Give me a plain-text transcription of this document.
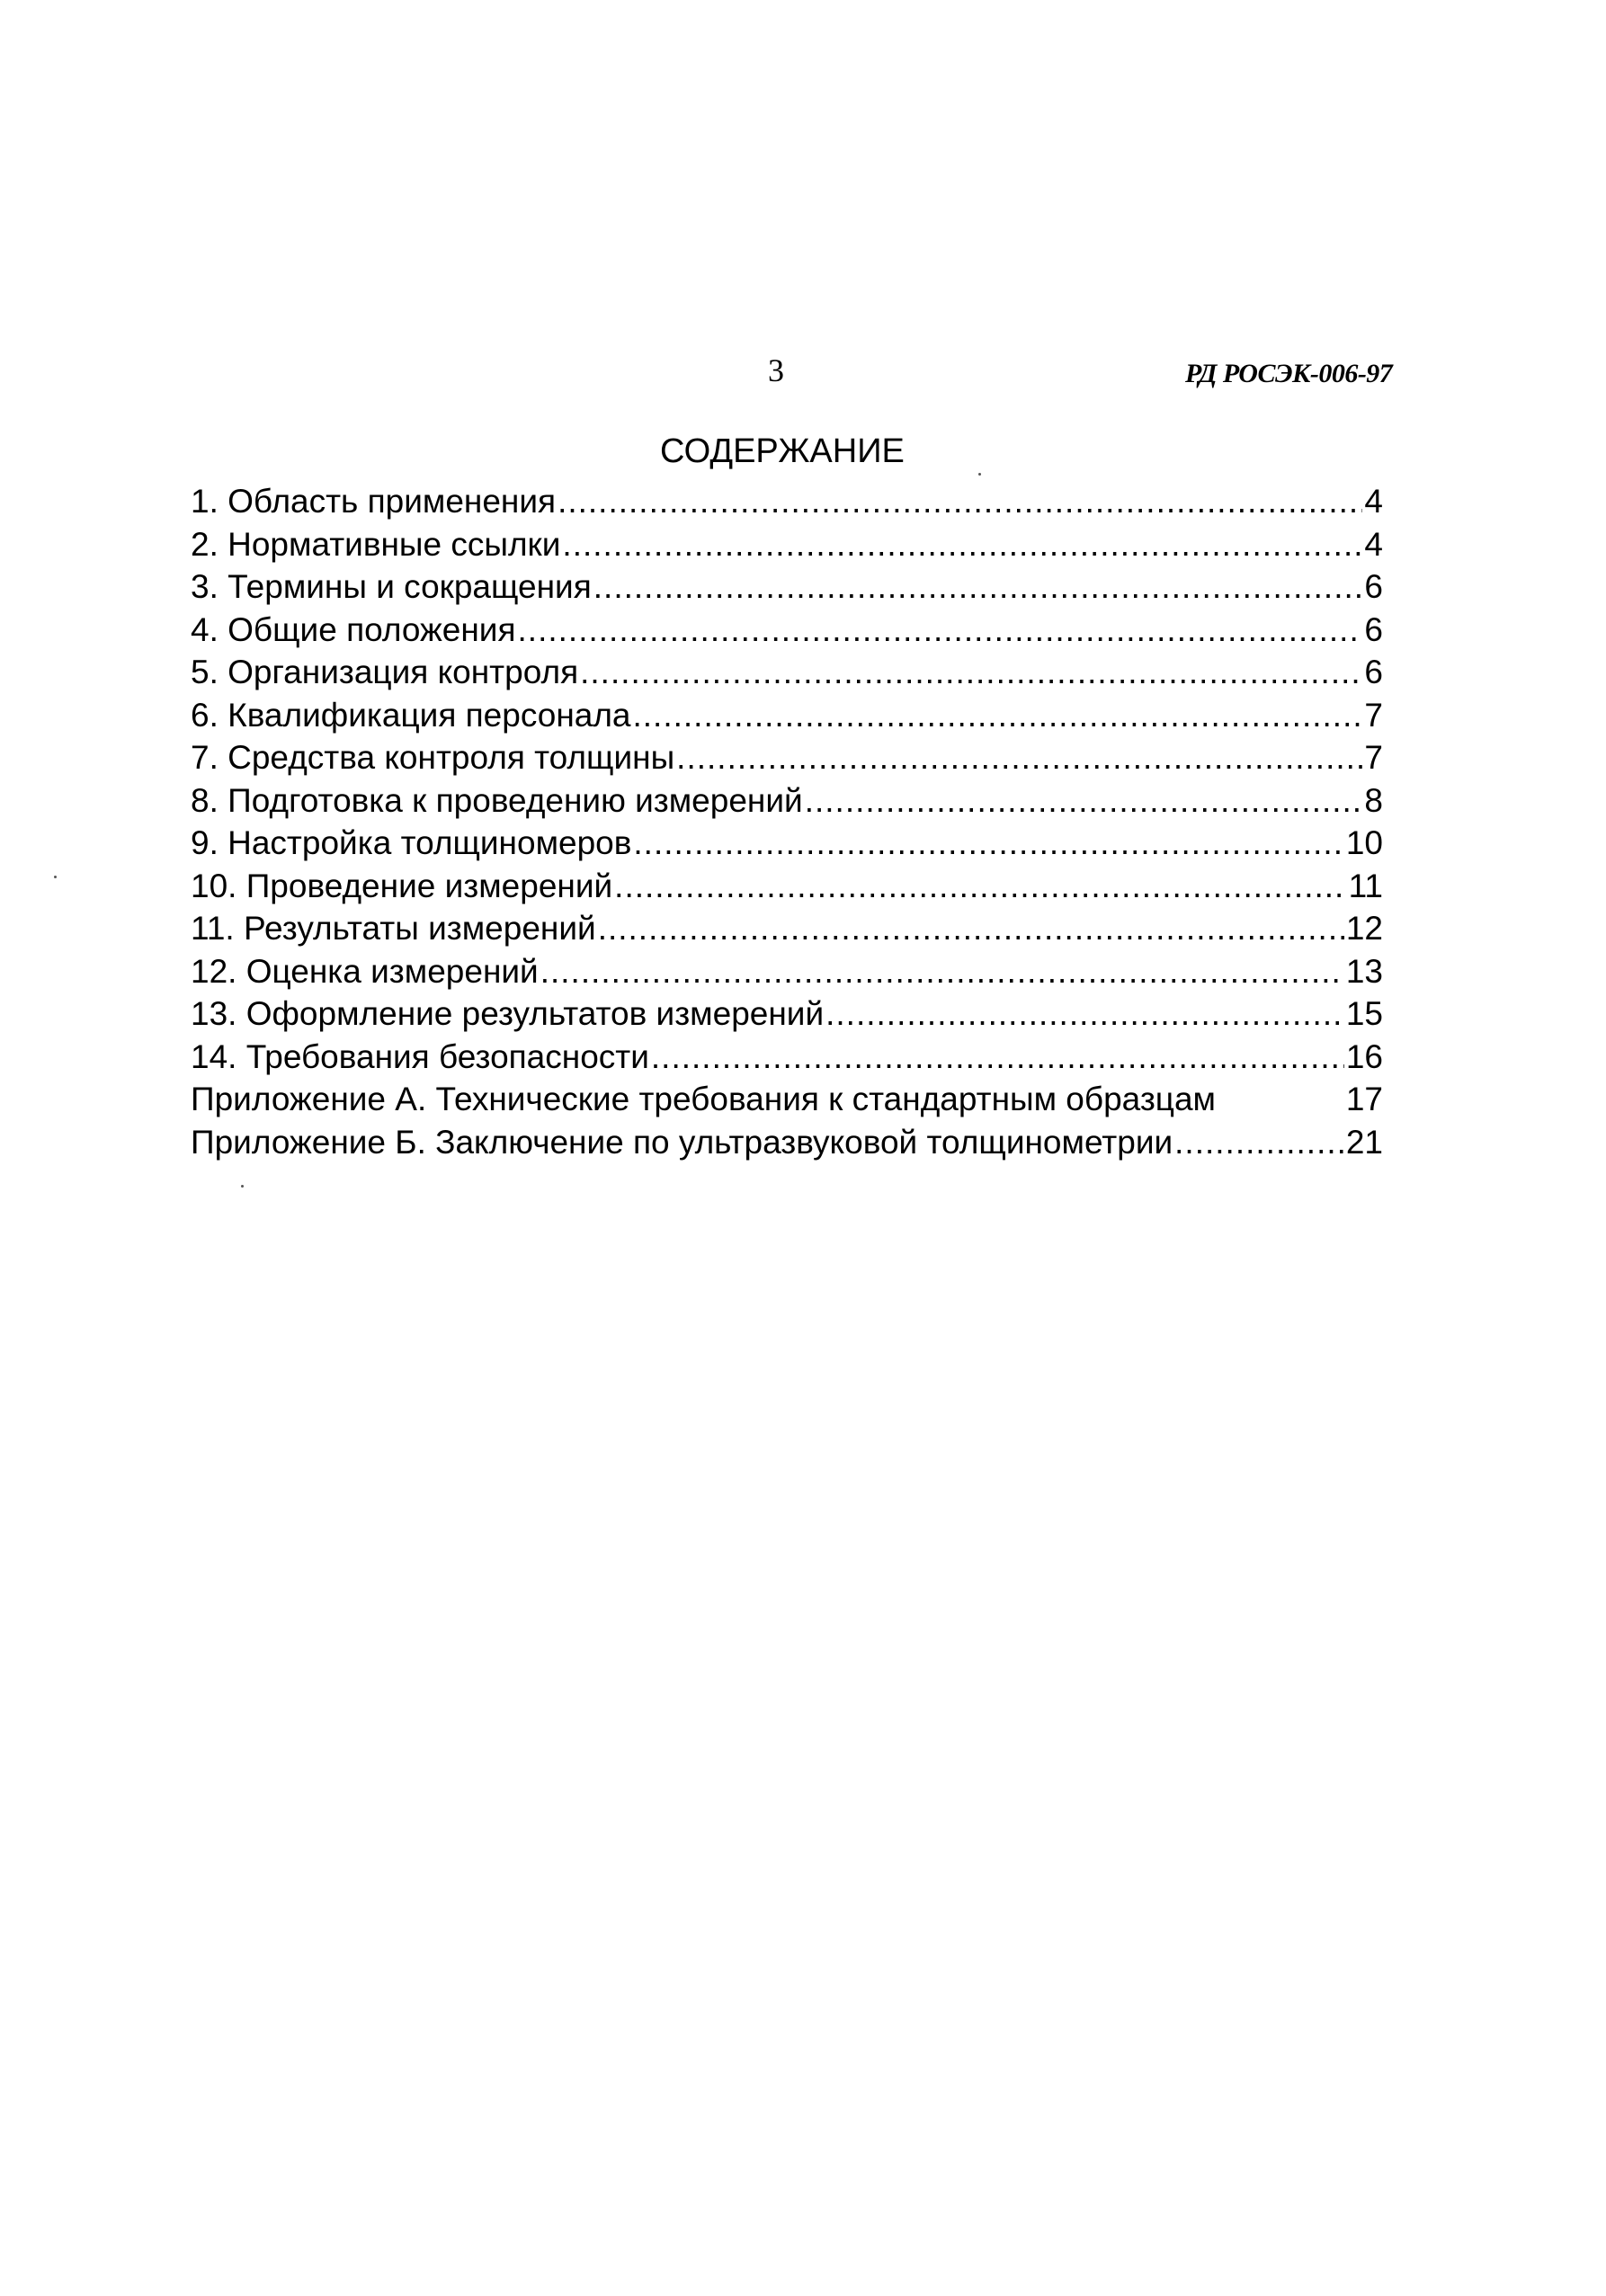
3	РД РОСЭК-006-97
СОДЕРЖАНИЕ
1. Область применения .....	4
2. Нормативные ссылки .....	4
3. Термины и сокращения .....	6
4. Общие положения .....	6
5. Организация контроля .....	6
6. Квалификация персонала .....	7
7. Средства контроля толщины .....	7
8. Подготовка к проведению измерений .....	8
9. Настройка толщиномеров .....	10
10. Проведение измерений .....	11
11. Результаты измерений .....	12
12. Оценка измерений .....	13
13. Оформление результатов измерений .....	15
14. Требования безопасности .....	16
Приложение А. Технические требования к стандартным образцам	17
Приложение Б. Заключение по ультразвуковой толщинометрии .....	21
